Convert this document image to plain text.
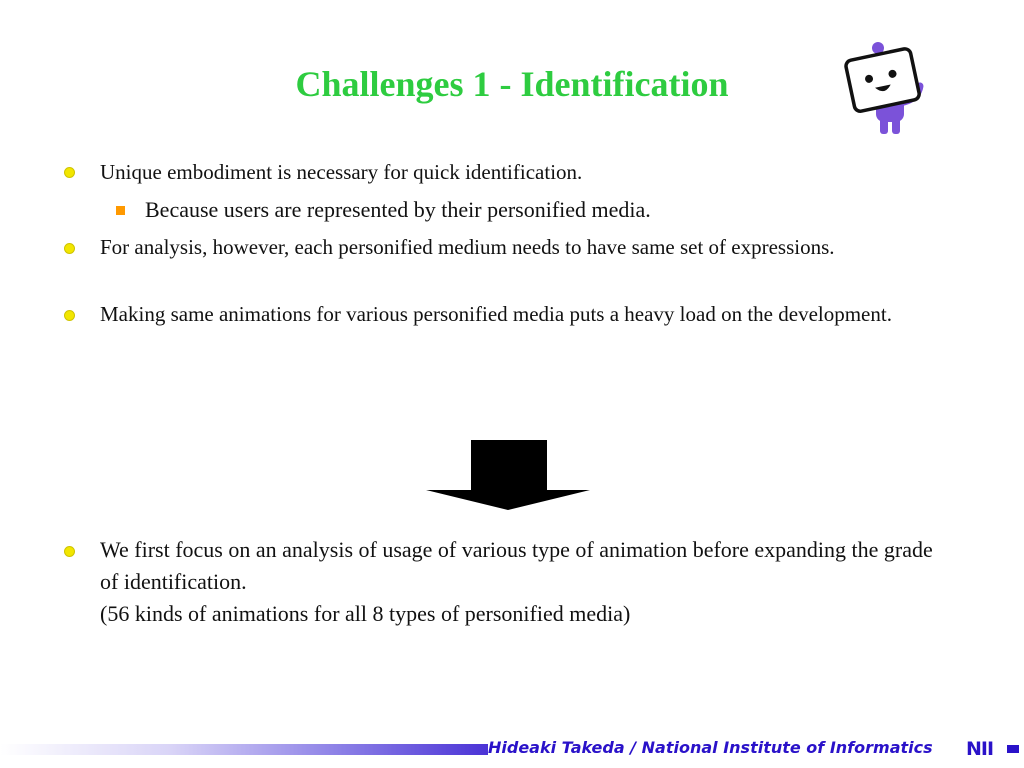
Challenges 1 - Identification
Unique embodiment is necessary for quick identification.
Because users are represented by their personified media.
For analysis, however, each personified medium needs to have same set of expressions.
Making same animations for various personified media puts a heavy load on the development.
We first focus on an analysis of usage of various type of animation before expanding the grade of identification.
(56 kinds of animations for all 8 types of personified media)
Hideaki Takeda / National Institute of Informatics NII
